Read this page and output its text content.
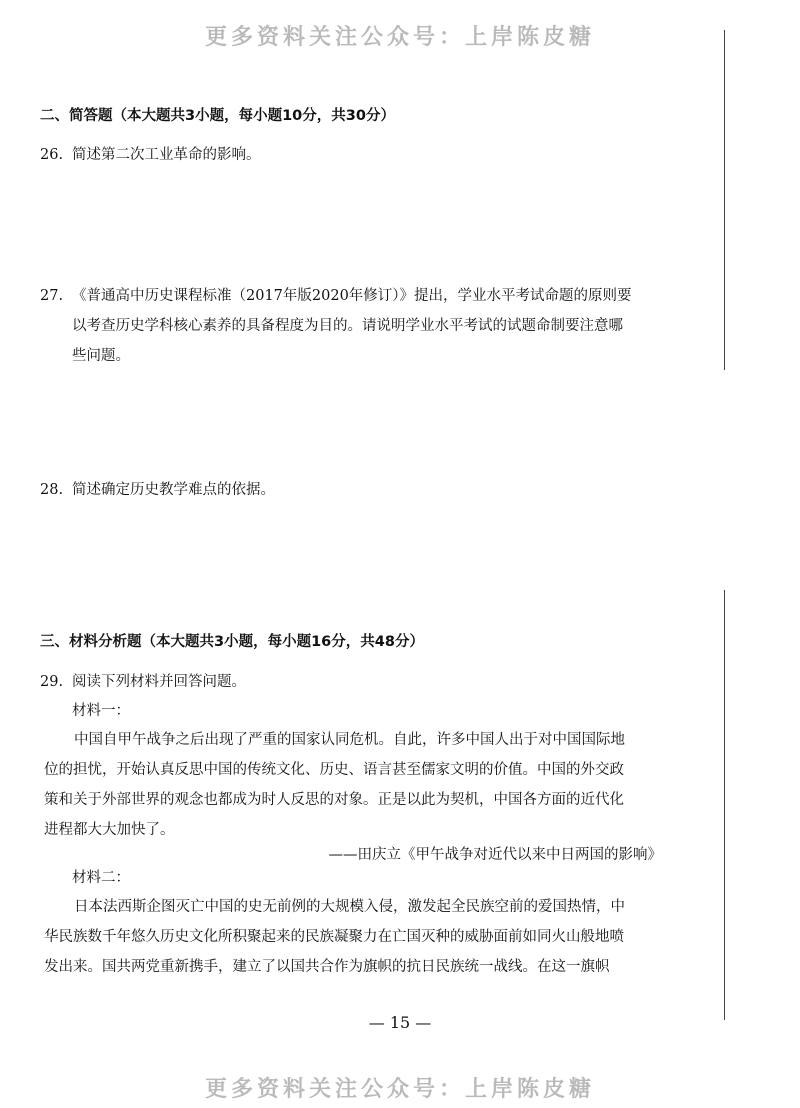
更多资料关注公众号：上岸陈皮糖
更多资料关注公众号：上岸陈皮糖
二、简答题（本大题共3小题，每小题10分，共30分）
26. 简述第二次工业革命的影响。
27. 《普通高中历史课程标准（2017年版2020年修订）》提出，学业水平考试命题的原则要
以考查历史学科核心素养的具备程度为目的。请说明学业水平考试的试题命制要注意哪
些问题。
28. 简述确定历史教学难点的依据。
三、材料分析题（本大题共3小题，每小题16分，共48分）
29. 阅读下列材料并回答问题。
材料一：
中国自甲午战争之后出现了严重的国家认同危机。自此，许多中国人出于对中国国际地
位的担忧，开始认真反思中国的传统文化、历史、语言甚至儒家文明的价值。中国的外交政
策和关于外部世界的观念也都成为时人反思的对象。正是以此为契机，中国各方面的近代化
进程都大大加快了。
——田庆立《甲午战争对近代以来中日两国的影响》
材料二：
日本法西斯企图灭亡中国的史无前例的大规模入侵，激发起全民族空前的爱国热情，中
华民族数千年悠久历史文化所积聚起来的民族凝聚力在亡国灭种的威胁面前如同火山般地喷
发出来。国共两党重新携手，建立了以国共合作为旗帜的抗日民族统一战线。在这一旗帜
— 15 —
